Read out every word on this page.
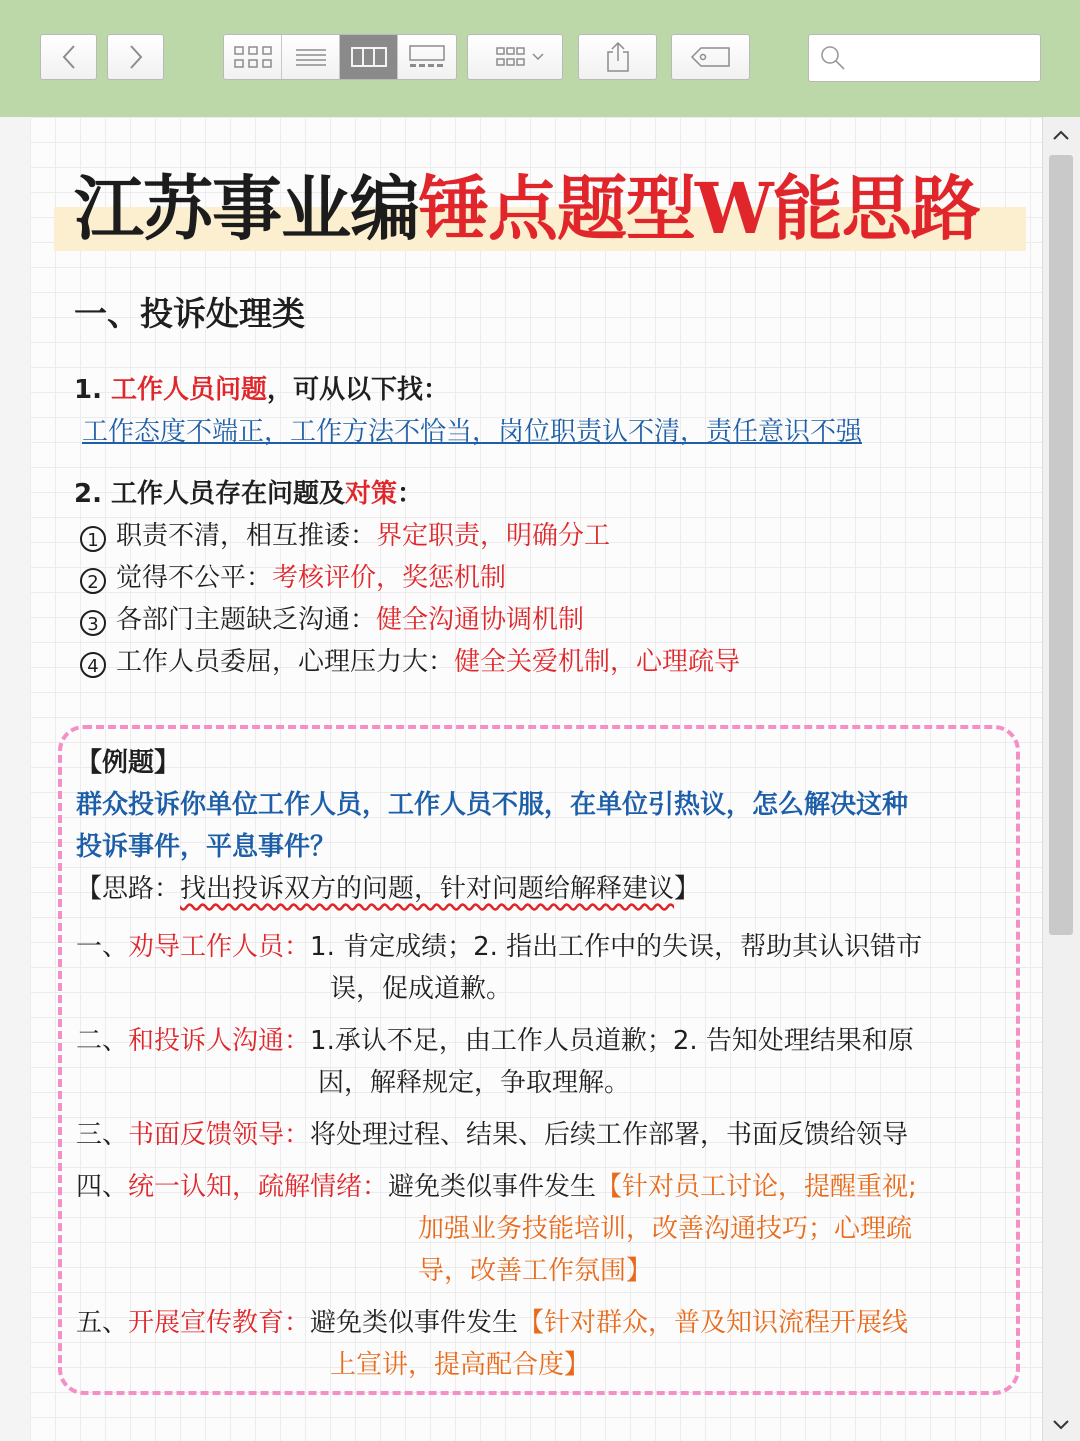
江苏事业编锤点题型W能思路
一、投诉处理类
1. 工作人员问题，可从以下找：
工作态度不端正，工作方法不恰当，岗位职责认不清，责任意识不强
2. 工作人员存在问题及对策：
1 职责不清，相互推诿：界定职责，明确分工
2 觉得不公平：考核评价，奖惩机制
3 各部门主题缺乏沟通：健全沟通协调机制
4 工作人员委屈，心理压力大：健全关爱机制，心理疏导
【例题】
群众投诉你单位工作人员，工作人员不服，在单位引热议，怎么解决这种
投诉事件，平息事件？
【思路：找出投诉双方的问题，针对问题给解释建议】
一、劝导工作人员：1. 肯定成绩；2. 指出工作中的失误，帮助其认识错市
误，促成道歉。
二、和投诉人沟通：1.承认不足，由工作人员道歉；2. 告知处理结果和原
因，解释规定，争取理解。
三、书面反馈领导：将处理过程、结果、后续工作部署，书面反馈给领导
四、统一认知，疏解情绪：避免类似事件发生【针对员工讨论，提醒重视;
加强业务技能培训，改善沟通技巧；心理疏
导，改善工作氛围】
五、开展宣传教育：避免类似事件发生【针对群众，普及知识流程开展线
上宣讲，提高配合度】
